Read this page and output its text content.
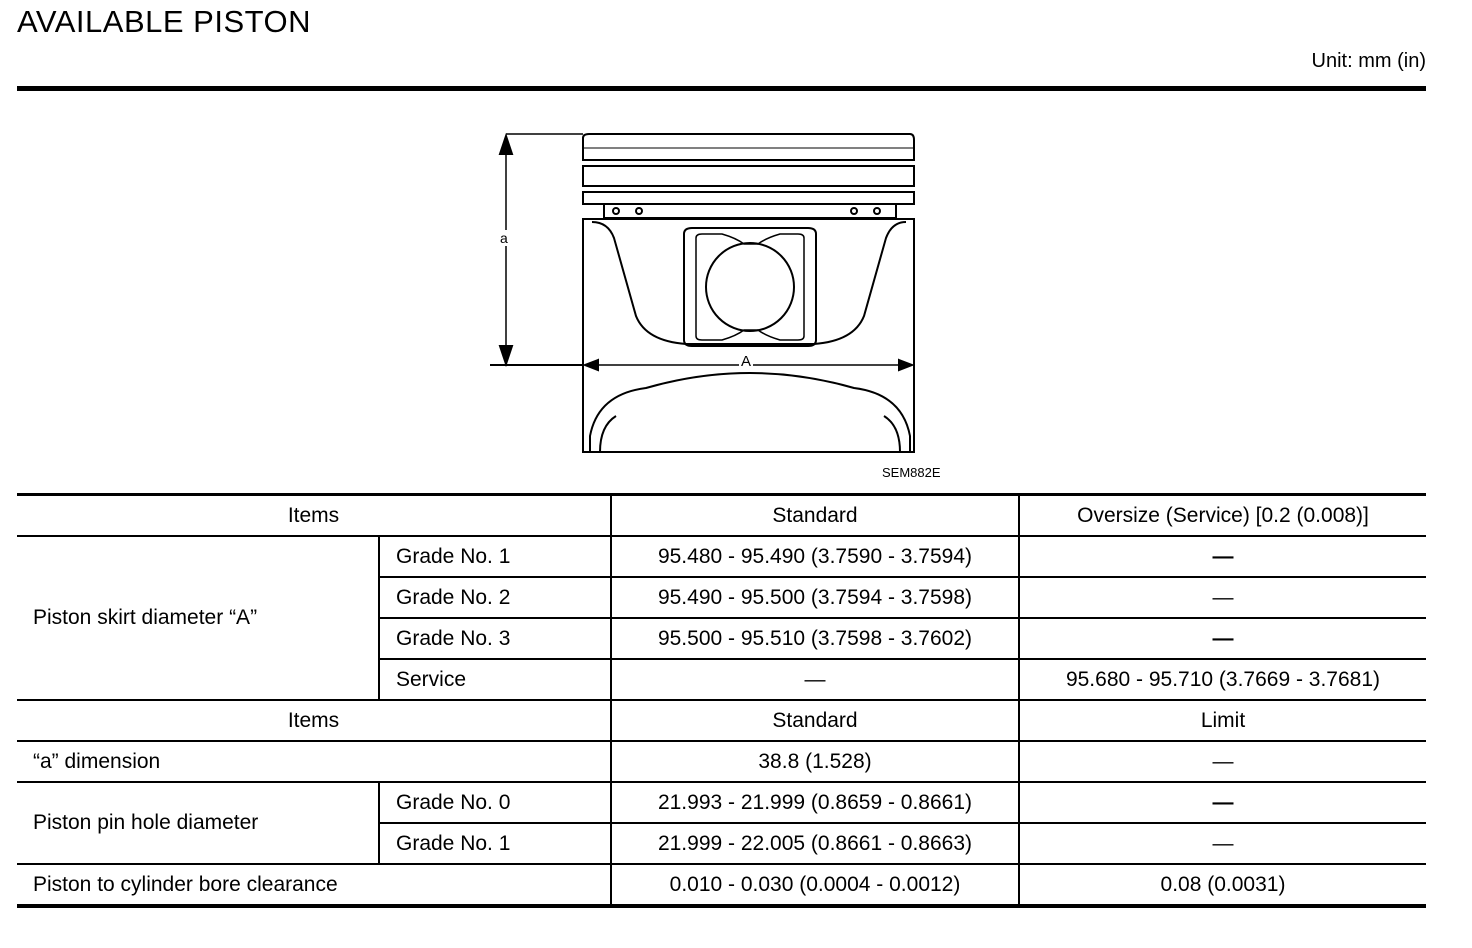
AVAILABLE PISTON
Unit: mm (in)
a
A
SEM882E
Items		Standard	Oversize (Service) [0.2 (0.008)]
Piston skirt diameter “A”	Grade No. 1	95.480 - 95.490 (3.7590 - 3.7594)	—
	Grade No. 2	95.490 - 95.500 (3.7594 - 3.7598)	—
	Grade No. 3	95.500 - 95.510 (3.7598 - 3.7602)	—
	Service	—	95.680 - 95.710 (3.7669 - 3.7681)
Items		Standard	Limit
“a” dimension		38.8 (1.528)	—
Piston pin hole diameter	Grade No. 0	21.993 - 21.999 (0.8659 - 0.8661)	—
	Grade No. 1	21.999 - 22.005 (0.8661 - 0.8663)	—
Piston to cylinder bore clearance		0.010 - 0.030 (0.0004 - 0.0012)	0.08 (0.0031)
